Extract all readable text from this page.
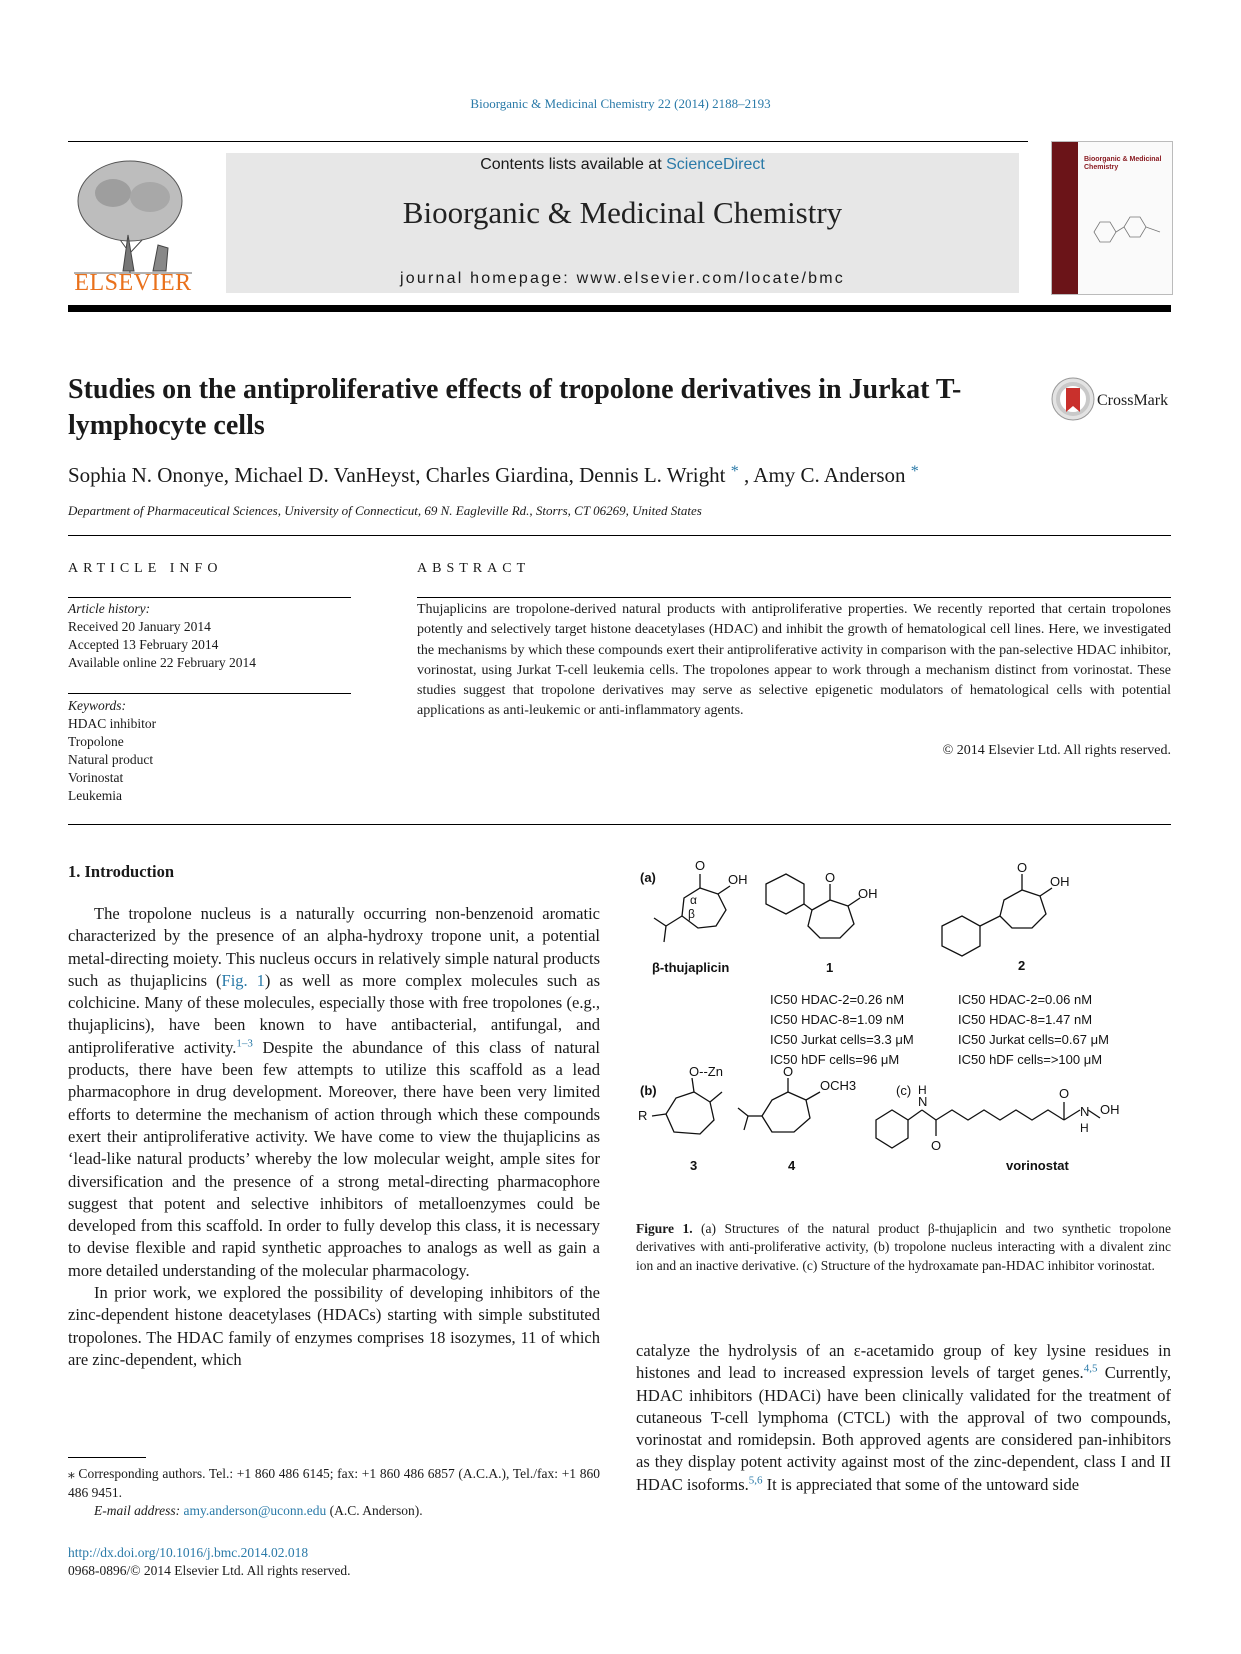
Bioorganic & Medicinal Chemistry 22 (2014) 2188–2193
ELSEVIER
Contents lists available at ScienceDirect
Bioorganic & Medicinal Chemistry
journal homepage: www.elsevier.com/locate/bmc
Bioorganic & Medicinal Chemistry
Studies on the antiproliferative effects of tropolone derivatives in Jurkat T-lymphocyte cells
CrossMark
Sophia N. Ononye, Michael D. VanHeyst, Charles Giardina, Dennis L. Wright * , Amy C. Anderson *
Department of Pharmaceutical Sciences, University of Connecticut, 69 N. Eagleville Rd., Storrs, CT 06269, United States
ARTICLE INFO
Article history:
Received 20 January 2014
Accepted 13 February 2014
Available online 22 February 2014
Keywords:
HDAC inhibitor
Tropolone
Natural product
Vorinostat
Leukemia
ABSTRACT
Thujaplicins are tropolone-derived natural products with antiproliferative properties. We recently reported that certain tropolones potently and selectively target histone deacetylases (HDAC) and inhibit the growth of hematological cell lines. Here, we investigated the mechanisms by which these compounds exert their antiproliferative activity in comparison with the pan-selective HDAC inhibitor, vorinostat, using Jurkat T-cell leukemia cells. The tropolones appear to work through a mechanism distinct from vorinostat. These studies suggest that tropolone derivatives may serve as selective epigenetic modulators of hematological cells with potential applications as anti-leukemic or anti-inflammatory agents.
© 2014 Elsevier Ltd. All rights reserved.
1. Introduction

The tropolone nucleus is a naturally occurring non-benzenoid aromatic characterized by the presence of an alpha-hydroxy tropone unit, a potential metal-directing moiety. This nucleus occurs in relatively simple natural products such as thujaplicins (Fig. 1) as well as more complex molecules such as colchicine. Many of these molecules, especially those with free tropolones (e.g., thujaplicins), have been known to have antibacterial, antifungal, and antiproliferative activity.$^{1-3}$ Despite the abundance of this class of natural products, there have been few attempts to utilize this scaffold as a lead pharmacophore in drug development. Moreover, there have been very limited efforts to determine the mechanism of action through which these compounds exert their antiproliferative activity. We have come to view the thujaplicins as ‘lead-like natural products’ whereby the low molecular weight, ample sites for diversification and the presence of a strong metal-directing pharmacophore suggest that potent and selective inhibitors of metalloenzymes could be developed from this scaffold. In order to fully develop this class, it is necessary to devise flexible and rapid synthetic approaches to analogs as well as gain a more detailed understanding of the molecular pharmacology.

In prior work, we explored the possibility of developing inhibitors of the zinc-dependent histone deacetylases (HDACs) starting with simple substituted tropolones. The HDAC family of enzymes comprises 18 isozymes, 11 of which are zinc-dependent, which

⁎ Corresponding authors. Tel.: +1 860 486 6145; fax: +1 860 486 6857 (A.C.A.), Tel./fax: +1 860 486 9451.
E-mail address: amy.anderson@uconn.edu (A.C. Anderson).
http://dx.doi.org/10.1016/j.bmc.2014.02.018
0968-0896/© 2014 Elsevier Ltd. All rights reserved.
(a)
(b)	(c)
O
OH
α
β
β-thujaplicin
O
OH
1
O
OH
2
O--Zn
R
3
O
OCH3
4
N
H
O
O
N
H
OH
vorinostat
IC50 HDAC-2=0.26 nM
IC50 HDAC-8=1.09 nM
IC50 Jurkat cells=3.3 μM
IC50 hDF cells=96 μM
IC50 HDAC-2=0.06 nM
IC50 HDAC-8=1.47 nM
IC50 Jurkat cells=0.67 μM
IC50 hDF cells=>100 μM
Figure 1. (a) Structures of the natural product β-thujaplicin and two synthetic tropolone derivatives with anti-proliferative activity, (b) tropolone nucleus interacting with a divalent zinc ion and an inactive derivative. (c) Structure of the hydroxamate pan-HDAC inhibitor vorinostat.
catalyze the hydrolysis of an ε-acetamido group of key lysine residues in histones and lead to increased expression levels of target genes.$^{4,5}$ Currently, HDAC inhibitors (HDACi) have been clinically validated for the treatment of cutaneous T-cell lymphoma (CTCL) with the approval of two compounds, vorinostat and romidepsin. Both approved agents are considered pan-inhibitors as they display potent activity against most of the zinc-dependent, class I and II HDAC isoforms.$^{5,6}$ It is appreciated that some of the untoward side
